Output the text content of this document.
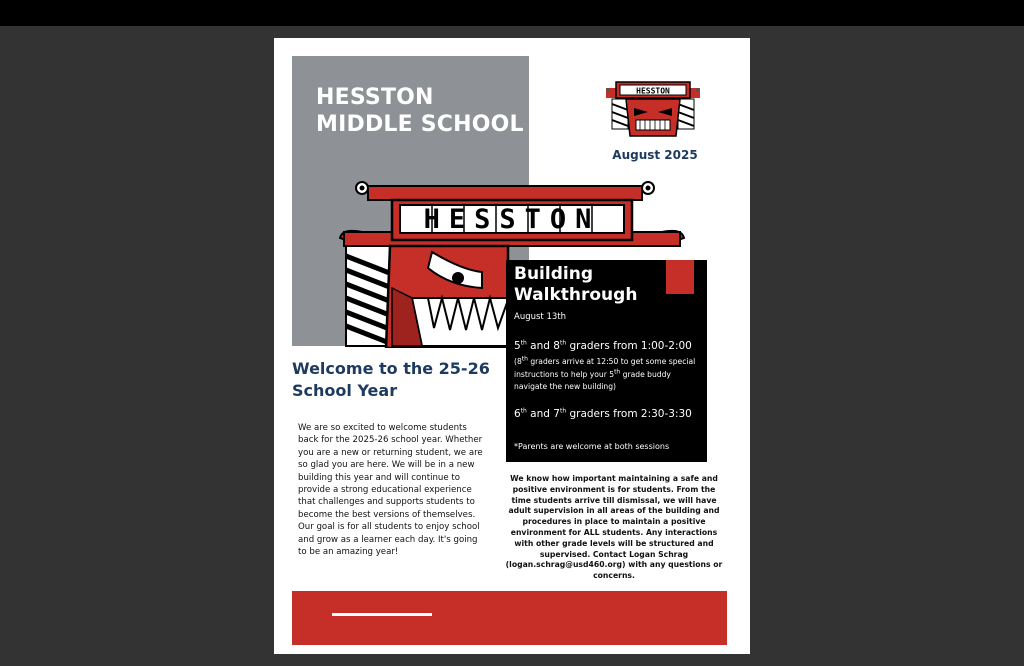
HESSTON
MIDDLE SCHOOL
HESSTON
August 2025
HESSTON
Building
Walkthrough
August 13th
5th and 8th graders from 1:00-2:00
(8th graders arrive at 12:50 to get some special instructions to help your 5th grade buddy navigate the new building)
6th and 7th graders from 2:30-3:30
*Parents are welcome at both sessions
Welcome to the 25-26 School Year
We are so excited to welcome students back for the 2025-26 school year. Whether you are a new or returning student, we are so glad you are here. We will be in a new building this year and will continue to provide a strong educational experience that challenges and supports students to become the best versions of themselves. Our goal is for all students to enjoy school and grow as a learner each day. It's going to be an amazing year!
We know how important maintaining a safe and positive environment is for students. From the time students arrive till dismissal, we will have adult supervision in all areas of the building and procedures in place to maintain a positive environment for ALL students. Any interactions with other grade levels will be structured and supervised. Contact Logan Schrag (logan.schrag@usd460.org) with any questions or concerns.
